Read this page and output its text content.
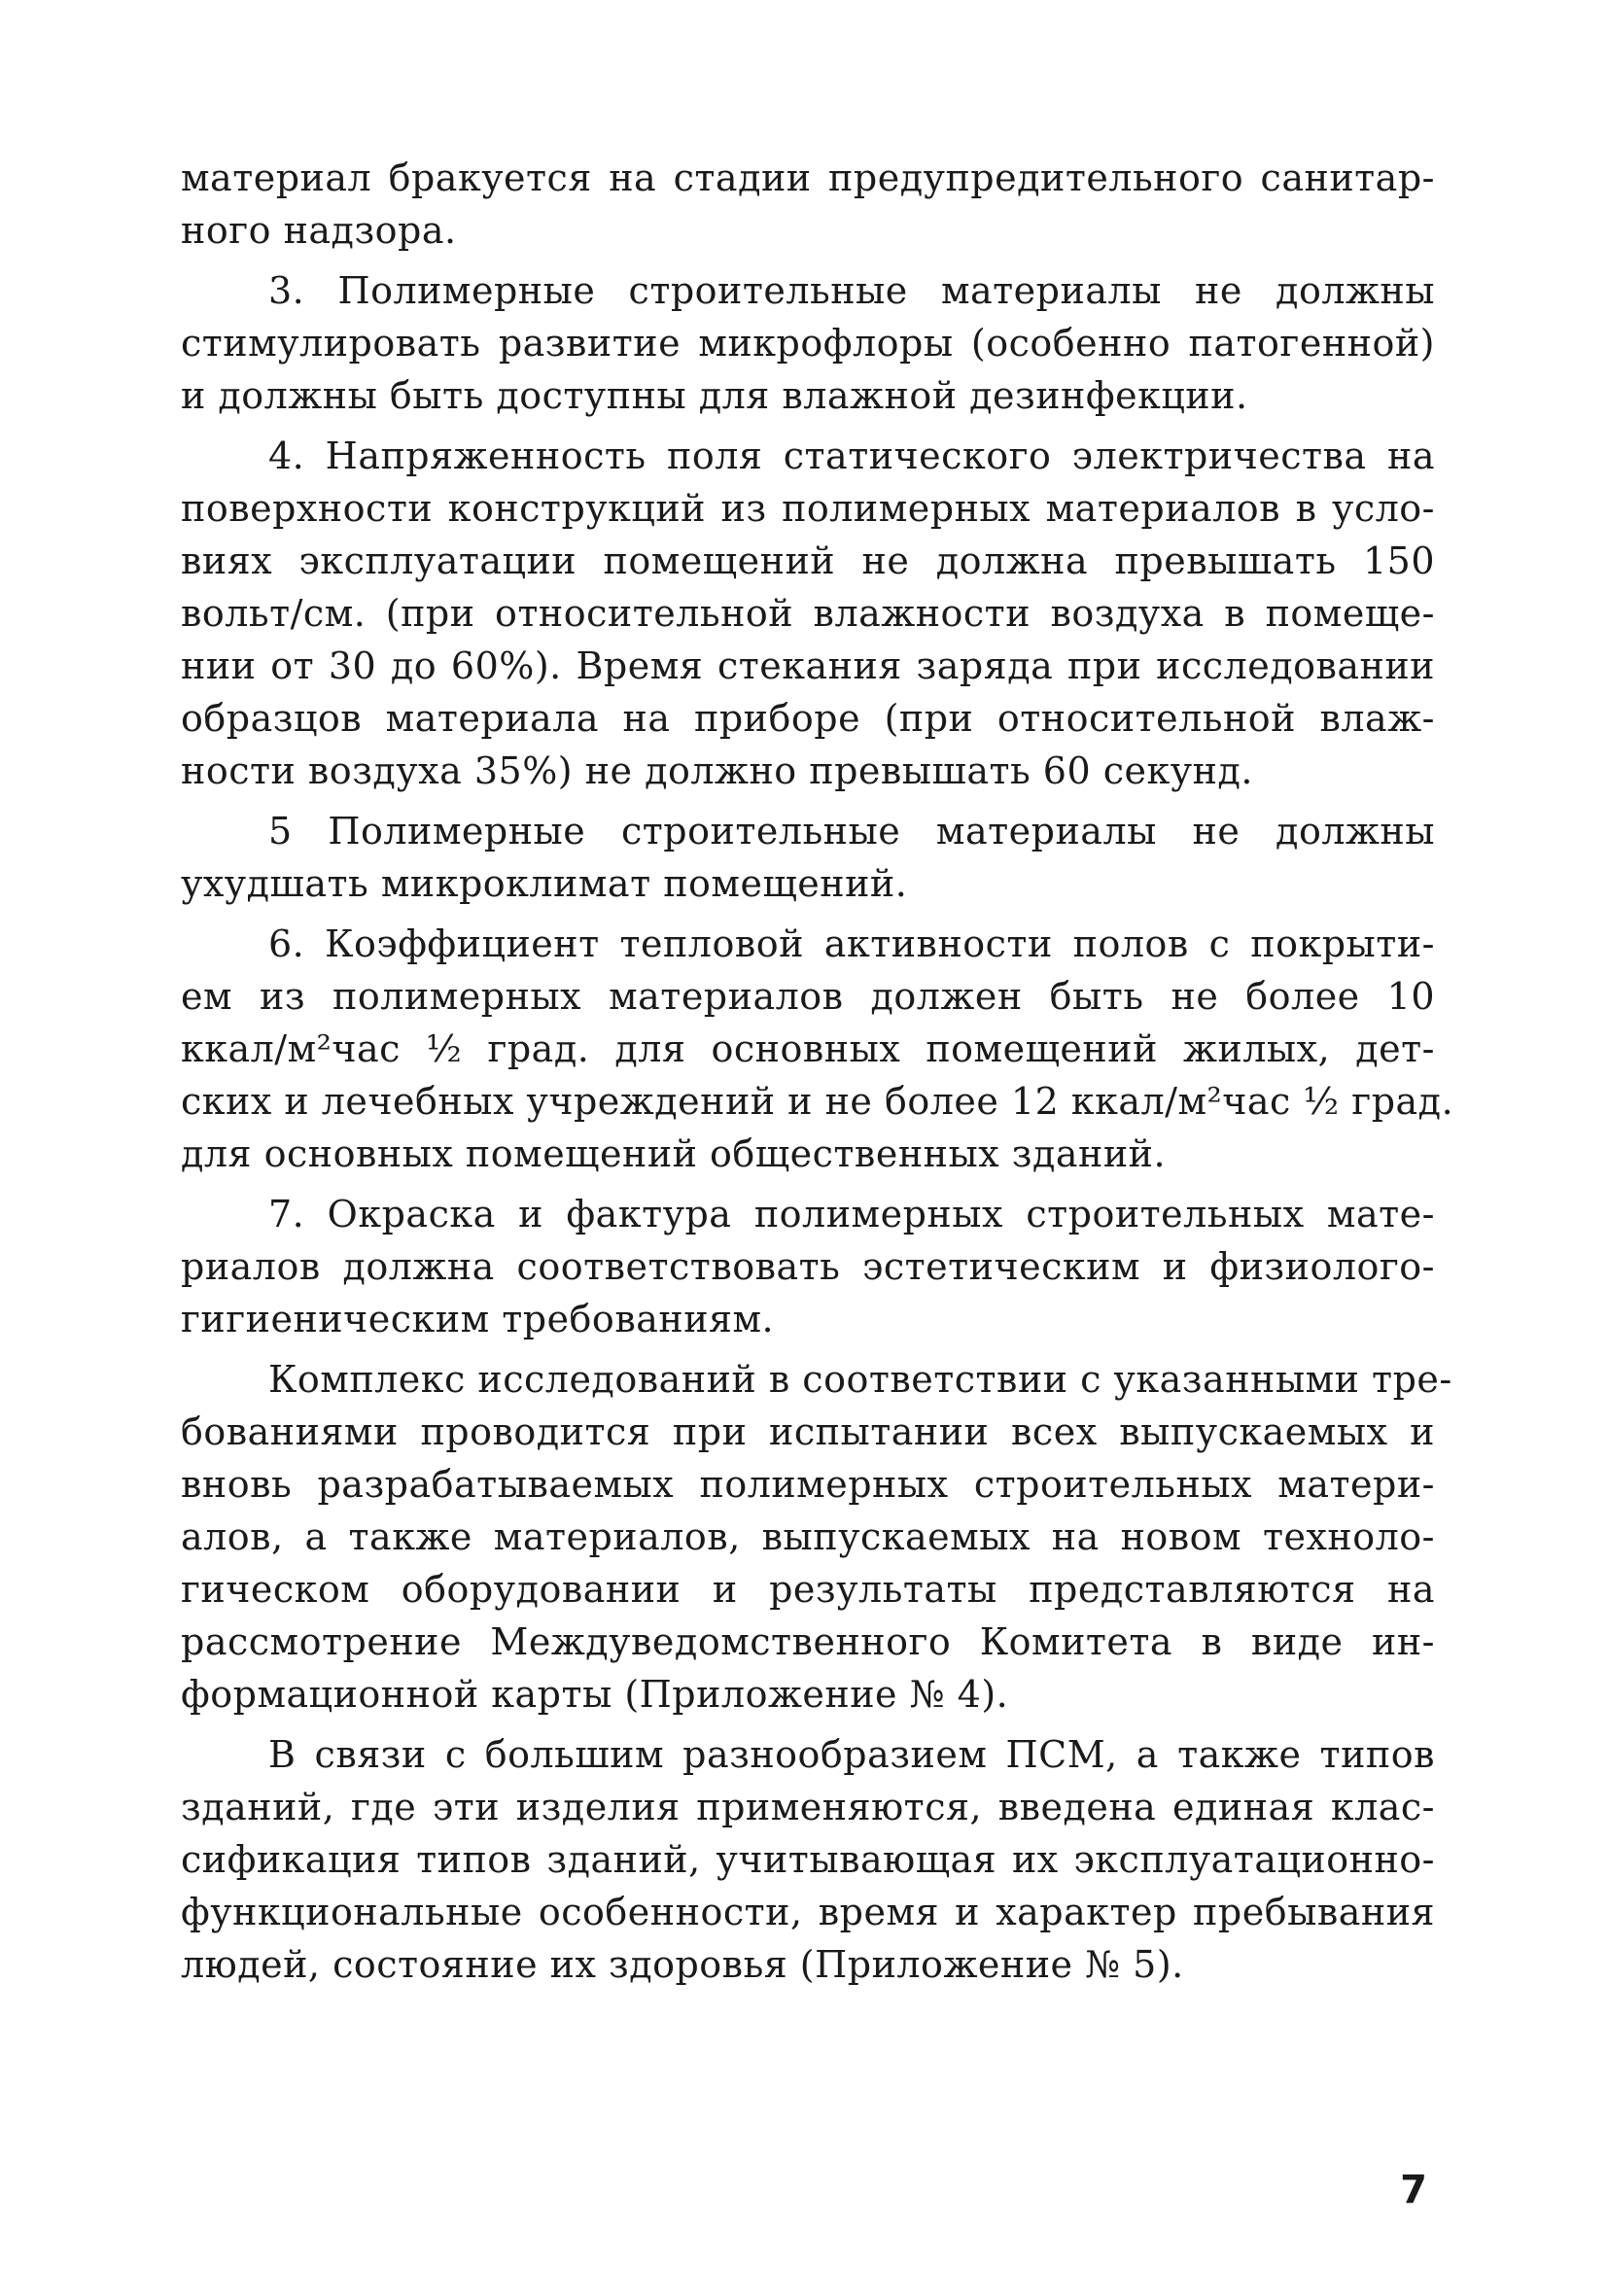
материал бракуется на стадии предупредительного санитар-
ного надзора.
3. Полимерные строительные материалы не должны
стимулировать развитие микрофлоры (особенно патогенной)
и должны быть доступны для влажной дезинфекции.
4. Напряженность поля статического электричества на
поверхности конструкций из полимерных материалов в усло-
виях эксплуатации помещений не должна превышать 150
вольт/см. (при относительной влажности воздуха в помеще-
нии от 30 до 60%). Время стекания заряда при исследовании
образцов материала на приборе (при относительной влаж-
ности воздуха 35%) не должно превышать 60 секунд.
5 Полимерные строительные материалы не должны
ухудшать микроклимат помещений.
6. Коэффициент тепловой активности полов с покрыти-
ем из полимерных материалов должен быть не более 10
ккал/м²час ½ град. для основных помещений жилых, дет-
ских и лечебных учреждений и не более 12 ккал/м²час ½ град.
для основных помещений общественных зданий.
7. Окраска и фактура полимерных строительных мате-
риалов должна соответствовать эстетическим и физиолого-
гигиеническим требованиям.
Комплекс исследований в соответствии с указанными тре-
бованиями проводится при испытании всех выпускаемых и
вновь разрабатываемых полимерных строительных матери-
алов, а также материалов, выпускаемых на новом техноло-
гическом оборудовании и результаты представляются на
рассмотрение Междуведомственного Комитета в виде ин-
формационной карты (Приложение № 4).
В связи с большим разнообразием ПСМ, а также типов
зданий, где эти изделия применяются, введена единая клас-
сификация типов зданий, учитывающая их эксплуатационно-
функциональные особенности, время и характер пребывания
людей, состояние их здоровья (Приложение № 5).
7
